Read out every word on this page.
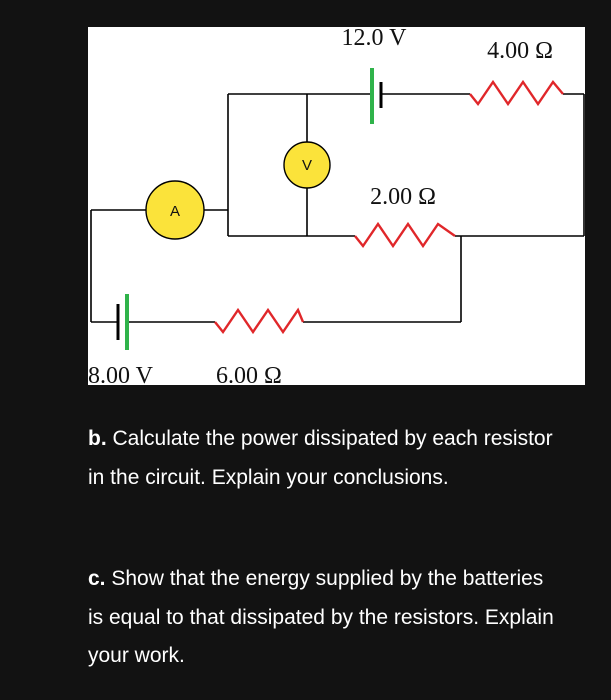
V
A
12.0 V	4.00 Ω
2.00 Ω
8.00 V	6.00 Ω
b. Calculate the power dissipated by each resistor in the circuit. Explain your conclusions.
c. Show that the energy supplied by the batteries is equal to that dissipated by the resistors. Explain your work.
